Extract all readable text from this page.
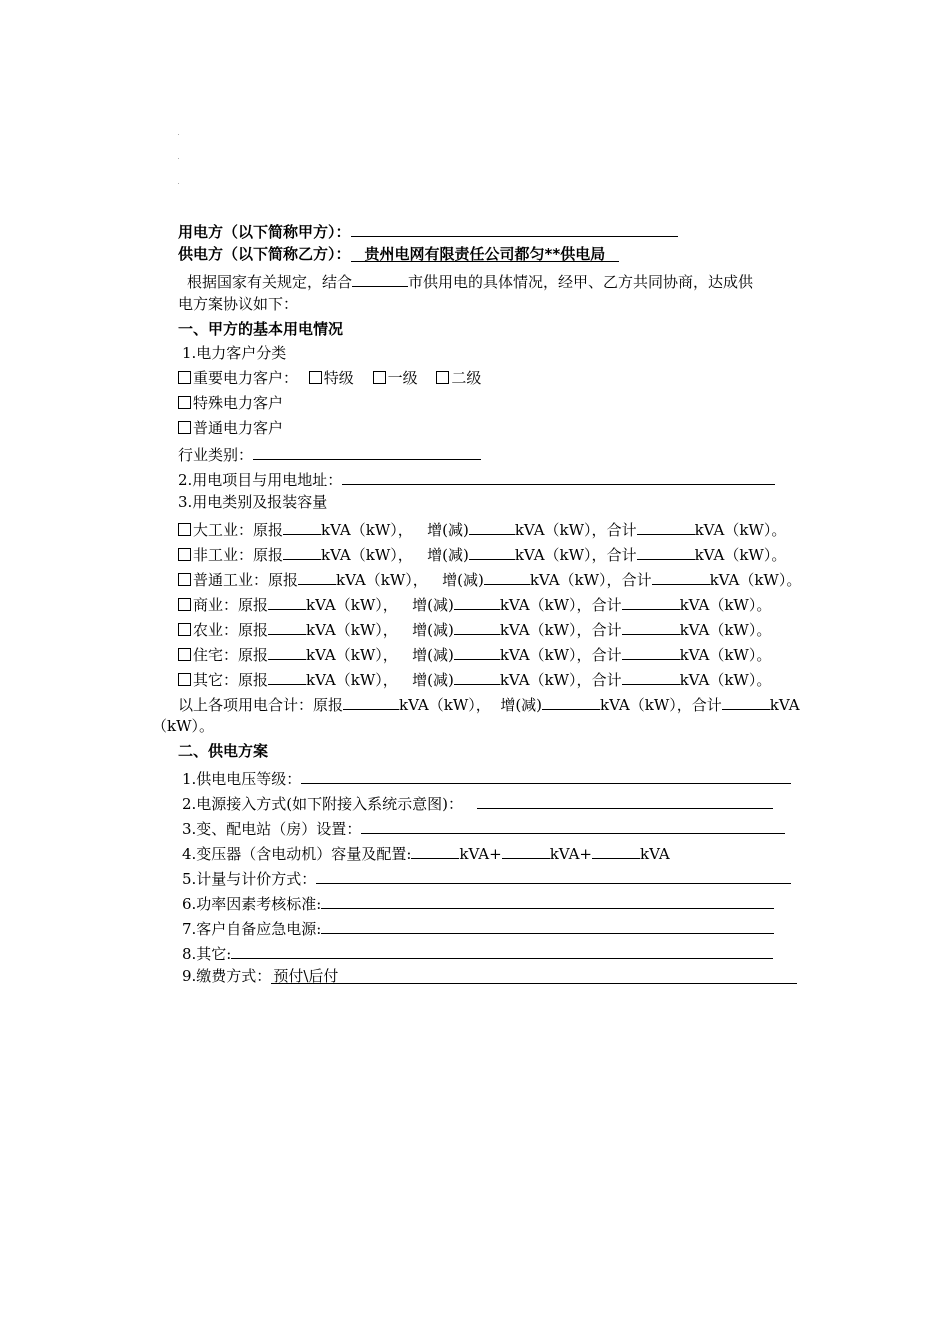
用电方（以下简称甲方）：
供电方（以下简称乙方）： 贵州电网有限责任公司都匀**供电局
根据国家有关规定，结合	市供用电的具体情况，经甲、乙方共同协商，达成供
电方案协议如下：
一、甲方的基本用电情况
1.电力客户分类
重要电力客户： 特级 一级 二级
特殊电力客户
普通电力客户
行业类别：
2.用电项目与用电地址：
3.用电类别及报装容量
大工业：原报	kVA（kW），   增(减)	kVA（kW），合计	kVA（kW）。
非工业：原报	kVA（kW）， 增(减)	kVA（kW），合计	kVA（kW）。
普通工业：原报	kVA（kW）， 增(减)	kVA（kW），合计	kVA（kW）。
商业：原报	kVA（kW）， 增(减)	kVA（kW），合计	kVA（kW）。
农业：原报	kVA（kW）， 增(减)	kVA（kW），合计	kVA（kW）。
住宅：原报	kVA（kW）， 增(减)	kVA（kW），合计	kVA（kW）。
其它：原报	kVA（kW）， 增(减)	kVA（kW），合计	kVA（kW）。
以上各项用电合计：原报	kVA（kW）， 增(减)	kVA（kW），合计	kVA
（kW）。
二、供电方案
1.供电电压等级：
2.电源接入方式(如下附接入系统示意图)：
3.变、配电站（房）设置：
4.变压器（含电动机）容量及配置:	kVA+	kVA+	kVA
5.计量与计价方式：
6.功率因素考核标准:
7.客户自备应急电源:
8.其它:
9.缴费方式： 预付\后付
